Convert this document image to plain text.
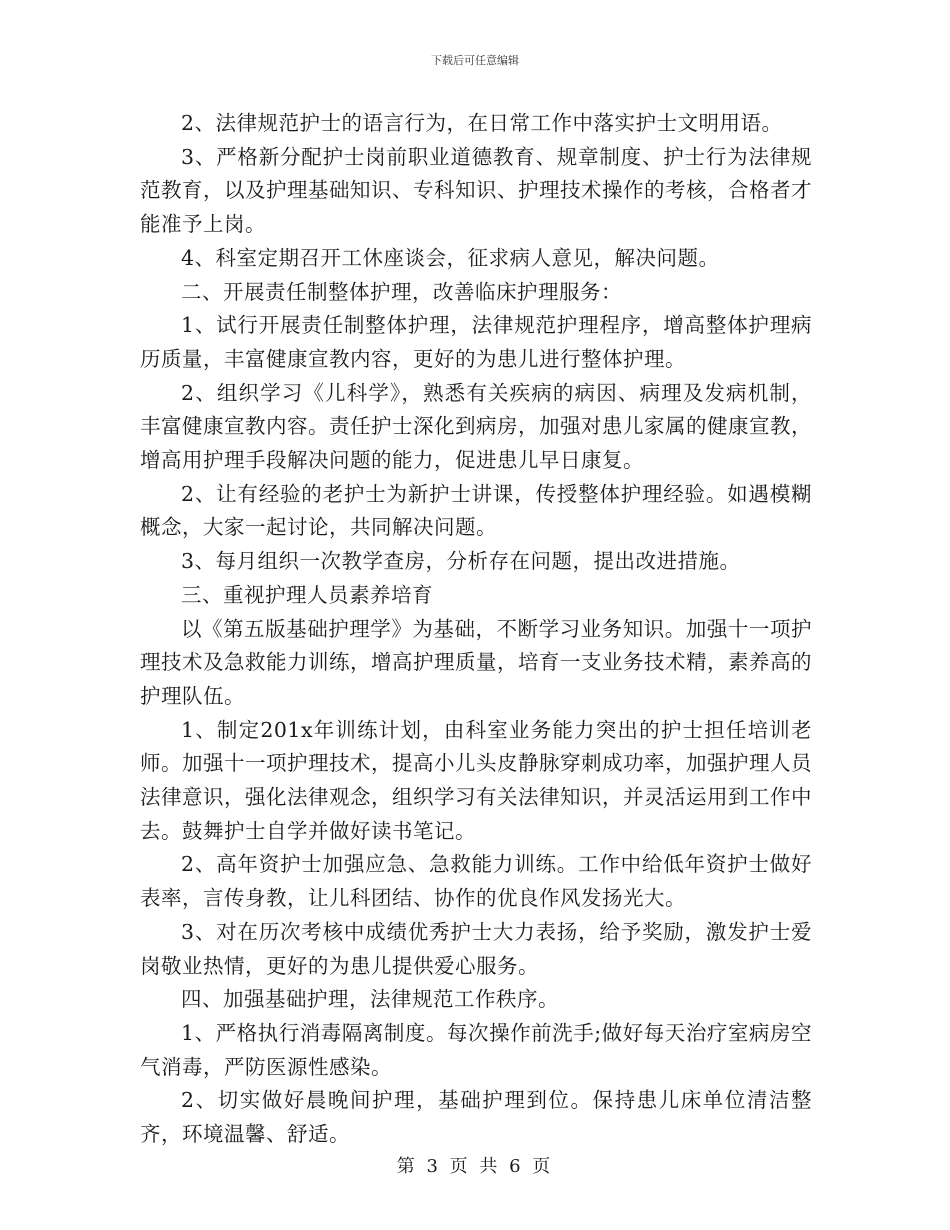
下载后可任意编辑

2、法律规范护士的语言行为，在日常工作中落实护士文明用语。

3、严格新分配护士岗前职业道德教育、规章制度、护士行为法律规范教育，以及护理基础知识、专科知识、护理技术操作的考核，合格者才能准予上岗。

4、科室定期召开工休座谈会，征求病人意见，解决问题。

二、开展责任制整体护理，改善临床护理服务：

1、试行开展责任制整体护理，法律规范护理程序，增高整体护理病历质量，丰富健康宣教内容，更好的为患儿进行整体护理。

2、组织学习《儿科学》，熟悉有关疾病的病因、病理及发病机制，丰富健康宣教内容。责任护士深化到病房，加强对患儿家属的健康宣教，增高用护理手段解决问题的能力，促进患儿早日康复。

2、让有经验的老护士为新护士讲课，传授整体护理经验。如遇模糊概念，大家一起讨论，共同解决问题。

3、每月组织一次教学查房，分析存在问题，提出改进措施。

三、重视护理人员素养培育

以《第五版基础护理学》为基础，不断学习业务知识。加强十一项护理技术及急救能力训练，增高护理质量，培育一支业务技术精，素养高的护理队伍。

1、制定201x年训练计划，由科室业务能力突出的护士担任培训老师。加强十一项护理技术，提高小儿头皮静脉穿刺成功率，加强护理人员法律意识，强化法律观念，组织学习有关法律知识，并灵活运用到工作中去。鼓舞护士自学并做好读书笔记。

2、高年资护士加强应急、急救能力训练。工作中给低年资护士做好表率，言传身教，让儿科团结、协作的优良作风发扬光大。

3、对在历次考核中成绩优秀护士大力表扬，给予奖励，激发护士爱岗敬业热情，更好的为患儿提供爱心服务。

四、加强基础护理，法律规范工作秩序。

1、严格执行消毒隔离制度。每次操作前洗手;做好每天治疗室病房空气消毒，严防医源性感染。

2、切实做好晨晚间护理，基础护理到位。保持患儿床单位清洁整齐，环境温馨、舒适。

第 3 页 共 6 页
